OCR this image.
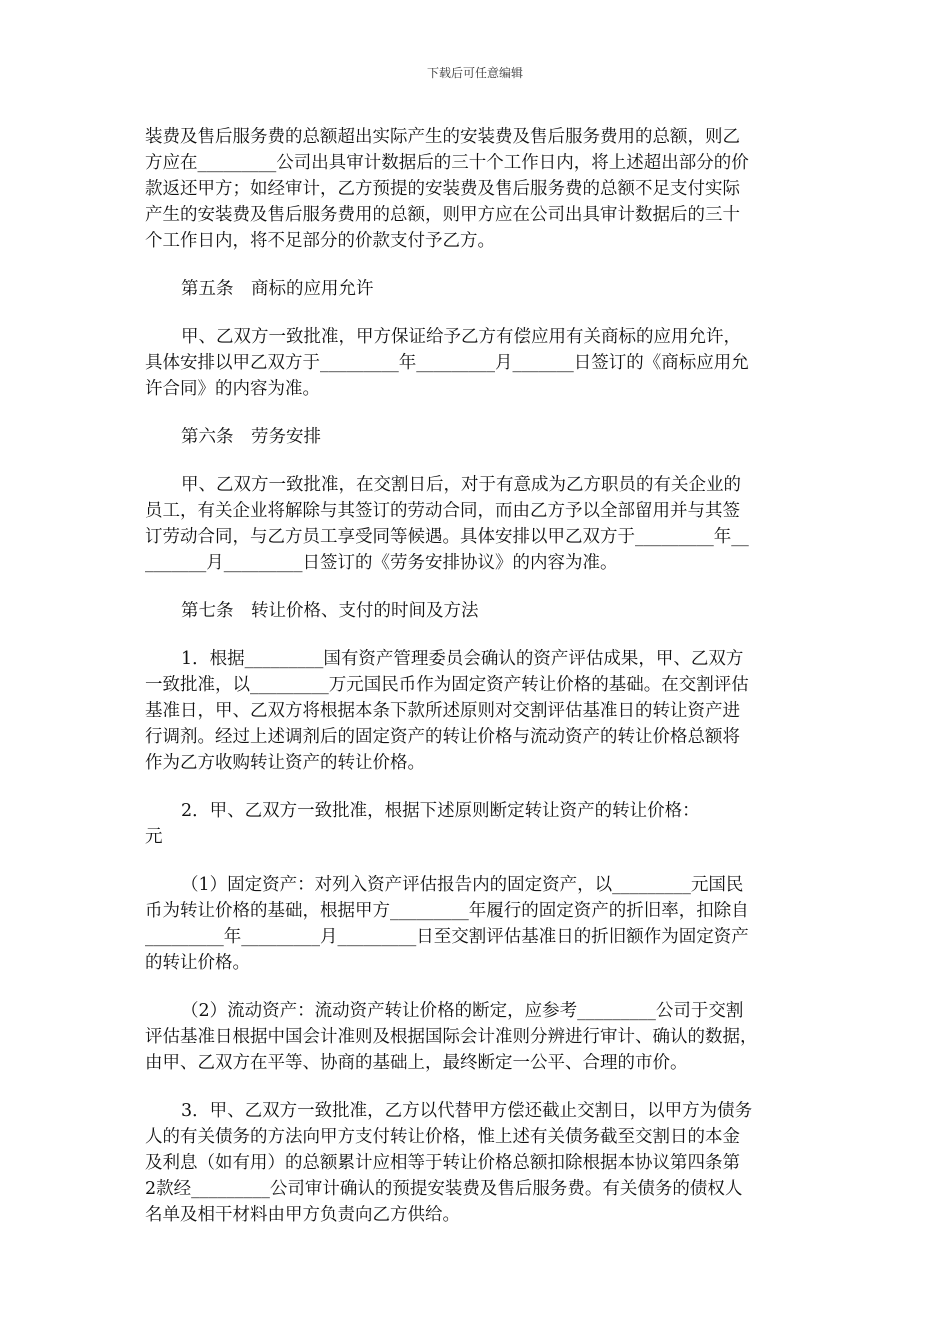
下载后可任意编辑
装费及售后服务费的总额超出实际产生的安装费及售后服务费用的总额，则乙
方应在_________公司出具审计数据后的三十个工作日内，将上述超出部分的价
款返还甲方；如经审计，乙方预提的安装费及售后服务费的总额不足支付实际
产生的安装费及售后服务费用的总额，则甲方应在公司出具审计数据后的三十
个工作日内，将不足部分的价款支付予乙方。
第五条　商标的应用允许
甲、乙双方一致批准，甲方保证给予乙方有偿应用有关商标的应用允许，
具体安排以甲乙双方于_________年_________月_______日签订的《商标应用允
许合同》的内容为准。
第六条　劳务安排
甲、乙双方一致批准，在交割日后，对于有意成为乙方职员的有关企业的
员工，有关企业将解除与其签订的劳动合同，而由乙方予以全部留用并与其签
订劳动合同，与乙方员工享受同等候遇。具体安排以甲乙双方于_________年__
_______月_________日签订的《劳务安排协议》的内容为准。
第七条　转让价格、支付的时间及方法
1．根据_________国有资产管理委员会确认的资产评估成果，甲、乙双方
一致批准，以_________万元国民币作为固定资产转让价格的基础。在交割评估
基准日，甲、乙双方将根据本条下款所述原则对交割评估基准日的转让资产进
行调剂。经过上述调剂后的固定资产的转让价格与流动资产的转让价格总额将
作为乙方收购转让资产的转让价格。
2．甲、乙双方一致批准，根据下述原则断定转让资产的转让价格：
元
（1）固定资产：对列入资产评估报告内的固定资产，以_________元国民
币为转让价格的基础，根据甲方_________年履行的固定资产的折旧率，扣除自
_________年_________月_________日至交割评估基准日的折旧额作为固定资产
的转让价格。
（2）流动资产：流动资产转让价格的断定，应参考_________公司于交割
评估基准日根据中国会计准则及根据国际会计准则分辨进行审计、确认的数据，
由甲、乙双方在平等、协商的基础上，最终断定一公平、合理的市价。
3．甲、乙双方一致批准，乙方以代替甲方偿还截止交割日，以甲方为债务
人的有关债务的方法向甲方支付转让价格，惟上述有关债务截至交割日的本金
及利息（如有用）的总额累计应相等于转让价格总额扣除根据本协议第四条第
2款经_________公司审计确认的预提安装费及售后服务费。有关债务的债权人
名单及相干材料由甲方负责向乙方供给。
